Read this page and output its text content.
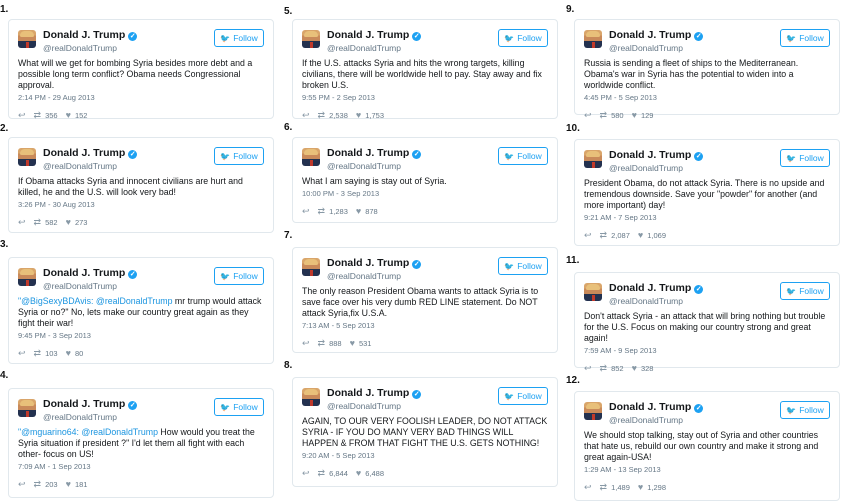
1.
Donald J. Trump ✓
@realDonaldTrump
🐦 Follow
What will we get for bombing Syria besides more debt and a possible long term conflict? Obama needs Congressional approval.
2:14 PM - 29 Aug 2013
↩ ⇄ 356 ♥ 152
2.
Donald J. Trump ✓
@realDonaldTrump
🐦 Follow
If Obama attacks Syria and innocent civilians are hurt and killed, he and the U.S. will look very bad!
3:26 PM - 30 Aug 2013
↩ ⇄ 582 ♥ 273
3.
Donald J. Trump ✓
@realDonaldTrump
🐦 Follow
"@BigSexyBDAvis: @realDonaldTrump mr trump would attack Syria or no?" No, lets make our country great again as they fight their war!
9:45 PM - 3 Sep 2013
↩ ⇄ 103 ♥ 80
4.
Donald J. Trump ✓
@realDonaldTrump
🐦 Follow
"@mguarino64: @realDonaldTrump How would you treat the Syria situation if president ?" I'd let them all fight with each other- focus on US!
7:09 AM - 1 Sep 2013
↩ ⇄ 203 ♥ 181
5.
Donald J. Trump ✓
@realDonaldTrump
🐦 Follow
If the U.S. attacks Syria and hits the wrong targets, killing civilians, there will be worldwide hell to pay. Stay away and fix broken U.S.
9:55 PM - 2 Sep 2013
↩ ⇄ 2,538 ♥ 1,753
6.
Donald J. Trump ✓
@realDonaldTrump
🐦 Follow
What I am saying is stay out of Syria.
10:00 PM - 3 Sep 2013
↩ ⇄ 1,283 ♥ 878
7.
Donald J. Trump ✓
@realDonaldTrump
🐦 Follow
The only reason President Obama wants to attack Syria is to save face over his very dumb RED LINE statement. Do NOT attack Syria,fix U.S.A.
7:13 AM - 5 Sep 2013
↩ ⇄ 888 ♥ 531
8.
Donald J. Trump ✓
@realDonaldTrump
🐦 Follow
AGAIN, TO OUR VERY FOOLISH LEADER, DO NOT ATTACK SYRIA - IF YOU DO MANY VERY BAD THINGS WILL HAPPEN & FROM THAT FIGHT THE U.S. GETS NOTHING!
9:20 AM - 5 Sep 2013
↩ ⇄ 6,844 ♥ 6,488
9.
Donald J. Trump ✓
@realDonaldTrump
🐦 Follow
Russia is sending a fleet of ships to the Mediterranean. Obama's war in Syria has the potential to widen into a worldwide conflict.
4:45 PM - 5 Sep 2013
↩ ⇄ 580 ♥ 129
10.
Donald J. Trump ✓
@realDonaldTrump
🐦 Follow
President Obama, do not attack Syria. There is no upside and tremendous downside. Save your "powder" for another (and more important) day!
9:21 AM - 7 Sep 2013
↩ ⇄ 2,087 ♥ 1,069
11.
Donald J. Trump ✓
@realDonaldTrump
🐦 Follow
Don't attack Syria - an attack that will bring nothing but trouble for the U.S. Focus on making our country strong and great again!
7:59 AM - 9 Sep 2013
↩ ⇄ 852 ♥ 328
12.
Donald J. Trump ✓
@realDonaldTrump
🐦 Follow
We should stop talking, stay out of Syria and other countries that hate us, rebuild our own country and make it strong and great again-USA!
1:29 AM - 13 Sep 2013
↩ ⇄ 1,489 ♥ 1,298
